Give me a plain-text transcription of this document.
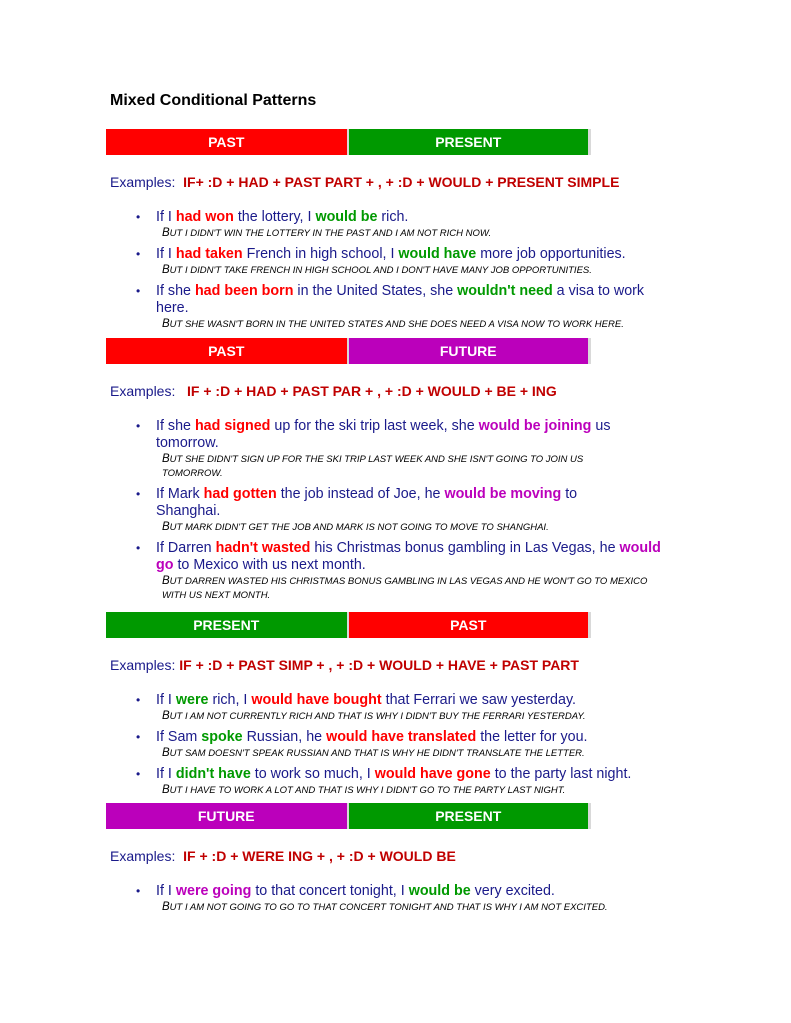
Mixed Conditional Patterns
PAST	PRESENT
Examples: IF+ :D + HAD + PAST PART + , + :D + WOULD + PRESENT SIMPLE
• If I had won the lottery, I would be rich.
BUT I DIDN'T WIN THE LOTTERY IN THE PAST AND I AM NOT RICH NOW.
• If I had taken French in high school, I would have more job opportunities.
BUT I DIDN'T TAKE FRENCH IN HIGH SCHOOL AND I DON'T HAVE MANY JOB OPPORTUNITIES.
• If she had been born in the United States, she wouldn't need a visa to work here.
BUT SHE WASN'T BORN IN THE UNITED STATES AND SHE DOES NEED A VISA NOW TO WORK HERE.
PAST	FUTURE
Examples: IF + :D + HAD + PAST PAR + , + :D + WOULD + BE + ING
• If she had signed up for the ski trip last week, she would be joining us tomorrow.
BUT SHE DIDN'T SIGN UP FOR THE SKI TRIP LAST WEEK AND SHE ISN'T GOING TO JOIN US TOMORROW.
• If Mark had gotten the job instead of Joe, he would be moving to Shanghai.
BUT MARK DIDN'T GET THE JOB AND MARK IS NOT GOING TO MOVE TO SHANGHAI.
• If Darren hadn't wasted his Christmas bonus gambling in Las Vegas, he would go to Mexico with us next month.
BUT DARREN WASTED HIS CHRISTMAS BONUS GAMBLING IN LAS VEGAS AND HE WON'T GO TO MEXICO WITH US NEXT MONTH.
PRESENT	PAST
Examples: IF + :D + PAST SIMP + , + :D + WOULD + HAVE + PAST PART
• If I were rich, I would have bought that Ferrari we saw yesterday.
BUT I AM NOT CURRENTLY RICH AND THAT IS WHY I DIDN'T BUY THE FERRARI YESTERDAY.
• If Sam spoke Russian, he would have translated the letter for you.
BUT SAM DOESN'T SPEAK RUSSIAN AND THAT IS WHY HE DIDN'T TRANSLATE THE LETTER.
• If I didn't have to work so much, I would have gone to the party last night.
BUT I HAVE TO WORK A LOT AND THAT IS WHY I DIDN'T GO TO THE PARTY LAST NIGHT.
FUTURE	PRESENT
Examples: IF + :D + WERE ING + , + :D + WOULD BE
• If I were going to that concert tonight, I would be very excited.
BUT I AM NOT GOING TO GO TO THAT CONCERT TONIGHT AND THAT IS WHY I AM NOT EXCITED.
